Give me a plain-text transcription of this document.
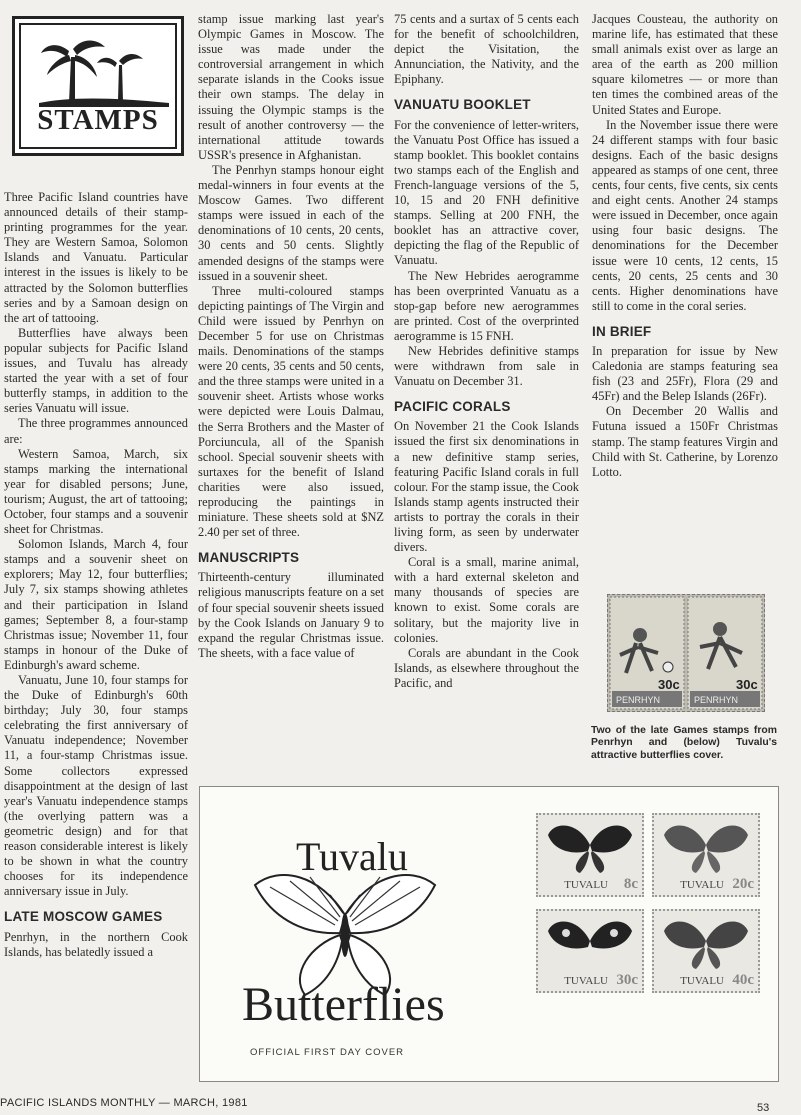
STAMPS

Three Pacific Island countries have announced details of their stamp-printing programmes for the year. They are Western Samoa, Solomon Islands and Vanuatu. Particular interest in the issues is likely to be attracted by the Solomon butterflies series and by a Samoan design on the art of tattooing.

Butterflies have always been popular subjects for Pacific Island issues, and Tuvalu has already started the year with a set of four butterfly stamps, in addition to the series Vanuatu will issue.

The three programmes announced are:

Western Samoa, March, six stamps marking the international year for disabled persons; June, tourism; August, the art of tattooing; October, four stamps and a souvenir sheet for Christmas.

Solomon Islands, March 4, four stamps and a souvenir sheet on explorers; May 12, four butterflies; July 7, six stamps showing athletes and their participation in Island games; September 8, a four-stamp Christmas issue; November 11, four stamps in honour of the Duke of Edinburgh's award scheme.

Vanuatu, June 10, four stamps for the Duke of Edinburgh's 60th birthday; July 30, four stamps celebrating the first anniversary of Vanuatu independence; November 11, a four-stamp Christmas issue. Some collectors expressed disappointment at the design of last year's Vanuatu independence stamps (the overlying pattern was a geometric design) and for that reason considerable interest is likely to be shown in what the country chooses for its independence anniversary issue in July.

LATE MOSCOW GAMES

Penrhyn, in the northern Cook Islands, has belatedly issued a

stamp issue marking last year's Olympic Games in Moscow. The issue was made under the controversial arrangement in which separate islands in the Cooks issue their own stamps. The delay in issuing the Olympic stamps is the result of another controversy — the international attitude towards USSR's presence in Afghanistan.

The Penrhyn stamps honour eight medal-winners in four events at the Moscow Games. Two different stamps were issued in each of the denominations of 10 cents, 20 cents, 30 cents and 50 cents. Slightly amended designs of the stamps were issued in a souvenir sheet.

Three multi-coloured stamps depicting paintings of The Virgin and Child were issued by Penrhyn on December 5 for use on Christmas mails. Denominations of the stamps were 20 cents, 35 cents and 50 cents, and the three stamps were united in a souvenir sheet. Artists whose works were depicted were Louis Dalmau, the Serra Brothers and the Master of Porciuncula, all of the Spanish school. Special souvenir sheets with surtaxes for the benefit of Island charities were also issued, reproducing the paintings in miniature. These sheets sold at $NZ 2.40 per set of three.

MANUSCRIPTS

Thirteenth-century illuminated religious manuscripts feature on a set of four special souvenir sheets issued by the Cook Islands on January 9 to expand the regular Christmas issue. The sheets, with a face value of

75 cents and a surtax of 5 cents each for the benefit of schoolchildren, depict the Visitation, the Annunciation, the Nativity, and the Epiphany.

VANUATU BOOKLET

For the convenience of letter-writers, the Vanuatu Post Office has issued a stamp booklet. This booklet contains two stamps each of the English and French-language versions of the 5, 10, 15 and 20 FNH definitive stamps. Selling at 200 FNH, the booklet has an attractive cover, depicting the flag of the Republic of Vanuatu.

The New Hebrides aerogramme has been overprinted Vanuatu as a stop-gap before new aerogrammes are printed. Cost of the overprinted aerogramme is 15 FNH.

New Hebrides definitive stamps were withdrawn from sale in Vanuatu on December 31.

PACIFIC CORALS

On November 21 the Cook Islands issued the first six denominations in a new definitive stamp series, featuring Pacific Island corals in full colour. For the stamp issue, the Cook Islands stamp agents instructed their artists to portray the corals in their living form, as seen by underwater divers.

Coral is a small, marine animal, with a hard external skeleton and many thousands of species are known to exist. Some corals are solitary, but the majority live in colonies.

Corals are abundant in the Cook Islands, as elsewhere throughout the Pacific, and

Jacques Cousteau, the authority on marine life, has estimated that these small animals exist over as large an area of the earth as 200 million square kilometres — or more than ten times the combined areas of the United States and Europe.

In the November issue there were 24 different stamps with four basic designs. Each of the basic designs appeared as stamps of one cent, three cents, four cents, five cents, six cents and eight cents. Another 24 stamps were issued in December, once again using four basic designs. The denominations for the December issue were 10 cents, 12 cents, 15 cents, 20 cents, 25 cents and 30 cents. Higher denominations have still to come in the coral series.

IN BRIEF

In preparation for issue by New Caledonia are stamps featuring sea fish (23 and 25Fr), Flora (29 and 45Fr) and the Belep Islands (26Fr).

On December 20 Wallis and Futuna issued a 150Fr Christmas stamp. The stamp features Virgin and Child with St. Catherine, by Lorenzo Lotto.

30c	30c
PENRHYN	PENRHYN
Two of the late Games stamps from Penrhyn and (below) Tuvalu's attractive butterflies cover.
Tuvalu
Butterflies
OFFICIAL FIRST DAY COVER
TUVALU 8c	TUVALU 20c
TUVALU 30c	TUVALU 40c
PACIFIC ISLANDS MONTHLY — MARCH, 1981	53
